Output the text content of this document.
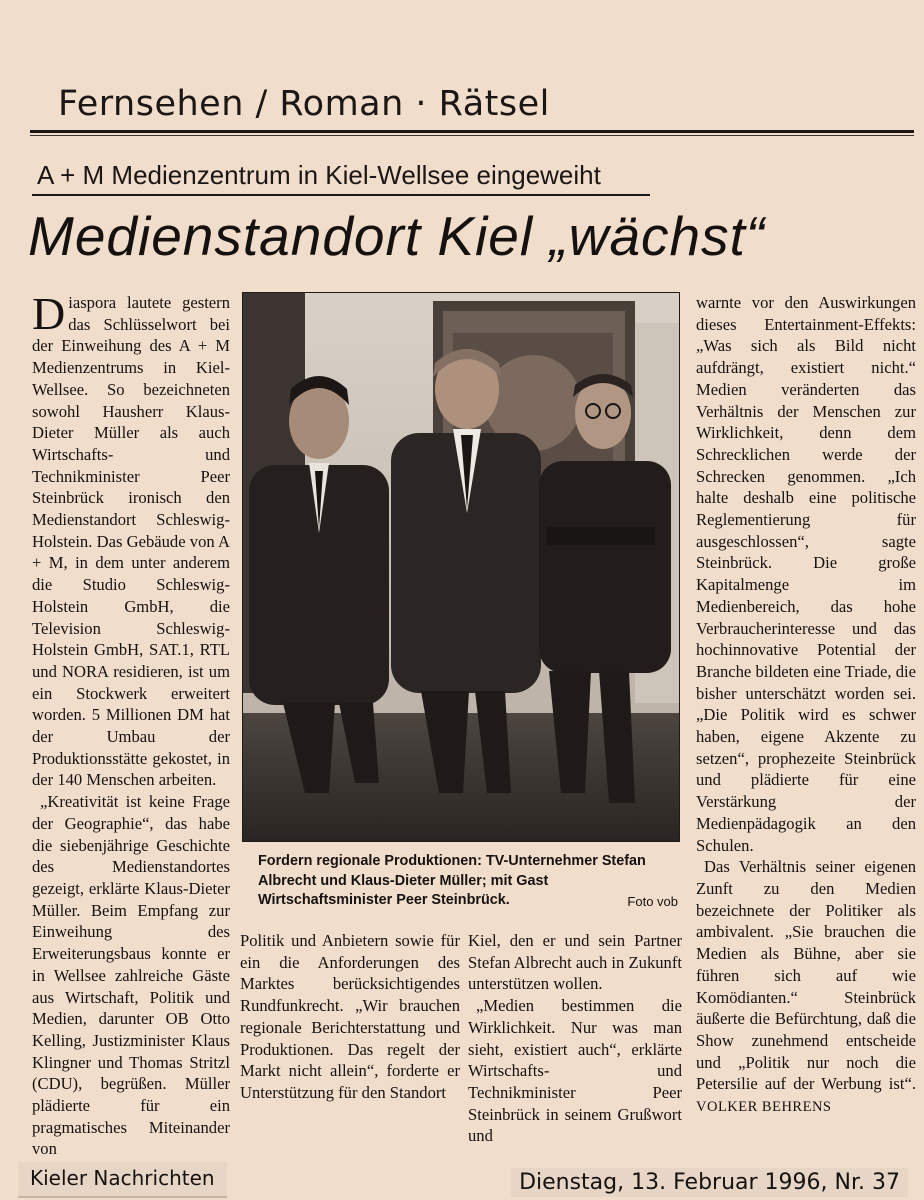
Fernsehen / Roman · Rätsel
A + M Medienzentrum in Kiel-Wellsee eingeweiht
Medienstandort Kiel „wächst“

Diaspora lautete gestern das Schlüsselwort bei der Einweihung des A + M Medienzentrums in Kiel-Wellsee. So bezeichneten sowohl Hausherr Klaus-Dieter Müller als auch Wirtschafts- und Technikminister Peer Steinbrück ironisch den Medienstandort Schleswig-Holstein. Das Gebäude von A + M, in dem unter anderem die Studio Schleswig-Holstein GmbH, die Television Schleswig-Holstein GmbH, SAT.1, RTL und NORA residieren, ist um ein Stockwerk erweitert worden. 5 Millionen DM hat der Umbau der Produktionsstätte gekostet, in der 140 Menschen arbeiten.

„Kreativität ist keine Frage der Geographie“, das habe die siebenjährige Geschichte des Medienstandortes gezeigt, erklärte Klaus-Dieter Müller. Beim Empfang zur Einweihung des Erweiterungsbaus konnte er in Wellsee zahlreiche Gäste aus Wirtschaft, Politik und Medien, darunter OB Otto Kelling, Justizminister Klaus Klingner und Thomas Stritzl (CDU), begrüßen. Müller plädierte für ein pragmatisches Miteinander von

Fordern regionale Produktionen: TV-Unternehmer Stefan Albrecht und Klaus-Dieter Müller; mit Gast Wirtschaftsminister Peer Steinbrück.	Foto vob

Politik und Anbietern sowie für ein die Anforderungen des Marktes berücksichtigendes Rundfunkrecht. „Wir brauchen regionale Berichterstattung und Produktionen. Das regelt der Markt nicht allein“, forderte er Unterstützung für den Standort

Kiel, den er und sein Partner Stefan Albrecht auch in Zukunft unterstützen wollen.

„Medien bestimmen die Wirklichkeit. Nur was man sieht, existiert auch“, erklärte Wirtschafts- und Technikminister Peer Steinbrück in seinem Grußwort und

warnte vor den Auswirkungen dieses Entertainment-Effekts: „Was sich als Bild nicht aufdrängt, existiert nicht.“ Medien veränderten das Verhältnis der Menschen zur Wirklichkeit, denn dem Schrecklichen werde der Schrecken genommen. „Ich halte deshalb eine politische Reglementierung für ausgeschlossen“, sagte Steinbrück. Die große Kapitalmenge im Medienbereich, das hohe Verbraucherinteresse und das hochinnovative Potential der Branche bildeten eine Triade, die bisher unterschätzt worden sei. „Die Politik wird es schwer haben, eigene Akzente zu setzen“, prophezeite Steinbrück und plädierte für eine Verstärkung der Medienpädagogik an den Schulen.

Das Verhältnis seiner eigenen Zunft zu den Medien bezeichnete der Politiker als ambivalent. „Sie brauchen die Medien als Bühne, aber sie führen sich auf wie Komödianten.“ Steinbrück äußerte die Befürchtung, daß die Show zunehmend entscheide und „Politik nur noch die Petersilie auf der Werbung ist“. VOLKER BEHRENS

Kieler Nachrichten	Dienstag, 13. Februar 1996, Nr. 37
